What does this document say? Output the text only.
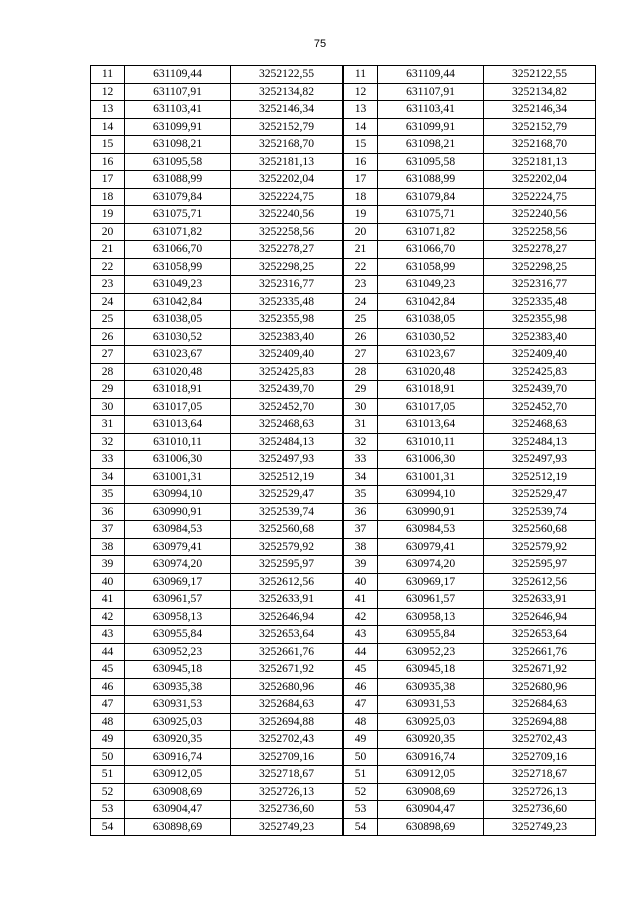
75
11	631109,44	3252122,55
12	631107,91	3252134,82
13	631103,41	3252146,34
14	631099,91	3252152,79
15	631098,21	3252168,70
16	631095,58	3252181,13
17	631088,99	3252202,04
18	631079,84	3252224,75
19	631075,71	3252240,56
20	631071,82	3252258,56
21	631066,70	3252278,27
22	631058,99	3252298,25
23	631049,23	3252316,77
24	631042,84	3252335,48
25	631038,05	3252355,98
26	631030,52	3252383,40
27	631023,67	3252409,40
28	631020,48	3252425,83
29	631018,91	3252439,70
30	631017,05	3252452,70
31	631013,64	3252468,63
32	631010,11	3252484,13
33	631006,30	3252497,93
34	631001,31	3252512,19
35	630994,10	3252529,47
36	630990,91	3252539,74
37	630984,53	3252560,68
38	630979,41	3252579,92
39	630974,20	3252595,97
40	630969,17	3252612,56
41	630961,57	3252633,91
42	630958,13	3252646,94
43	630955,84	3252653,64
44	630952,23	3252661,76
45	630945,18	3252671,92
46	630935,38	3252680,96
47	630931,53	3252684,63
48	630925,03	3252694,88
49	630920,35	3252702,43
50	630916,74	3252709,16
51	630912,05	3252718,67
52	630908,69	3252726,13
53	630904,47	3252736,60
54	630898,69	3252749,23
11	631109,44	3252122,55
12	631107,91	3252134,82
13	631103,41	3252146,34
14	631099,91	3252152,79
15	631098,21	3252168,70
16	631095,58	3252181,13
17	631088,99	3252202,04
18	631079,84	3252224,75
19	631075,71	3252240,56
20	631071,82	3252258,56
21	631066,70	3252278,27
22	631058,99	3252298,25
23	631049,23	3252316,77
24	631042,84	3252335,48
25	631038,05	3252355,98
26	631030,52	3252383,40
27	631023,67	3252409,40
28	631020,48	3252425,83
29	631018,91	3252439,70
30	631017,05	3252452,70
31	631013,64	3252468,63
32	631010,11	3252484,13
33	631006,30	3252497,93
34	631001,31	3252512,19
35	630994,10	3252529,47
36	630990,91	3252539,74
37	630984,53	3252560,68
38	630979,41	3252579,92
39	630974,20	3252595,97
40	630969,17	3252612,56
41	630961,57	3252633,91
42	630958,13	3252646,94
43	630955,84	3252653,64
44	630952,23	3252661,76
45	630945,18	3252671,92
46	630935,38	3252680,96
47	630931,53	3252684,63
48	630925,03	3252694,88
49	630920,35	3252702,43
50	630916,74	3252709,16
51	630912,05	3252718,67
52	630908,69	3252726,13
53	630904,47	3252736,60
54	630898,69	3252749,23
